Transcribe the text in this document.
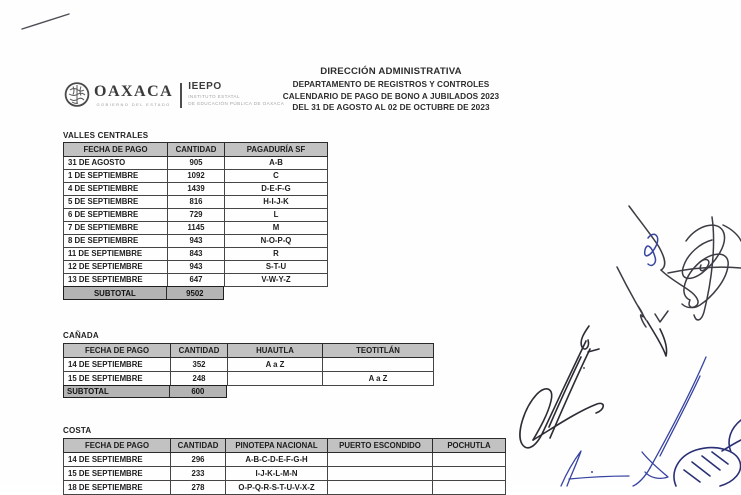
OAXACA
GOBIERNO DEL ESTADO
IEEPO
INSTITUTO ESTATAL
DE EDUCACIÓN PÚBLICA DE OAXACA
DIRECCIÓN ADMINISTRATIVA
DEPARTAMENTO DE REGISTROS Y CONTROLES
CALENDARIO DE PAGO DE BONO A JUBILADOS 2023
DEL 31 DE AGOSTO AL 02 DE OCTUBRE DE 2023
VALLES CENTRALES
FECHA DE PAGO	CANTIDAD	PAGADURÍA SF
31 DE AGOSTO	905	A-B
1 DE SEPTIEMBRE	1092	C
4 DE SEPTIEMBRE	1439	D-E-F-G
5 DE SEPTIEMBRE	816	H-I-J-K
6 DE SEPTIEMBRE	729	L
7 DE SEPTIEMBRE	1145	M
8 DE SEPTIEMBRE	943	N-O-P-Q
11 DE SEPTIEMBRE	843	R
12 DE SEPTIEMBRE	943	S-T-U
13 DE SEPTIEMBRE	647	V-W-Y-Z
SUBTOTAL	9502
CAÑADA
FECHA DE PAGO	CANTIDAD	HUAUTLA	TEOTITLÁN
14 DE SEPTIEMBRE	352	A a Z	
15 DE SEPTIEMBRE	248		A a Z
SUBTOTAL	600
COSTA
FECHA DE PAGO	CANTIDAD	PINOTEPA NACIONAL	PUERTO ESCONDIDO	POCHUTLA
14 DE SEPTIEMBRE	296	A-B-C-D-E-F-G-H		
15 DE SEPTIEMBRE	233	I-J-K-L-M-N		
18 DE SEPTIEMBRE	278	O-P-Q-R-S-T-U-V-X-Z		
